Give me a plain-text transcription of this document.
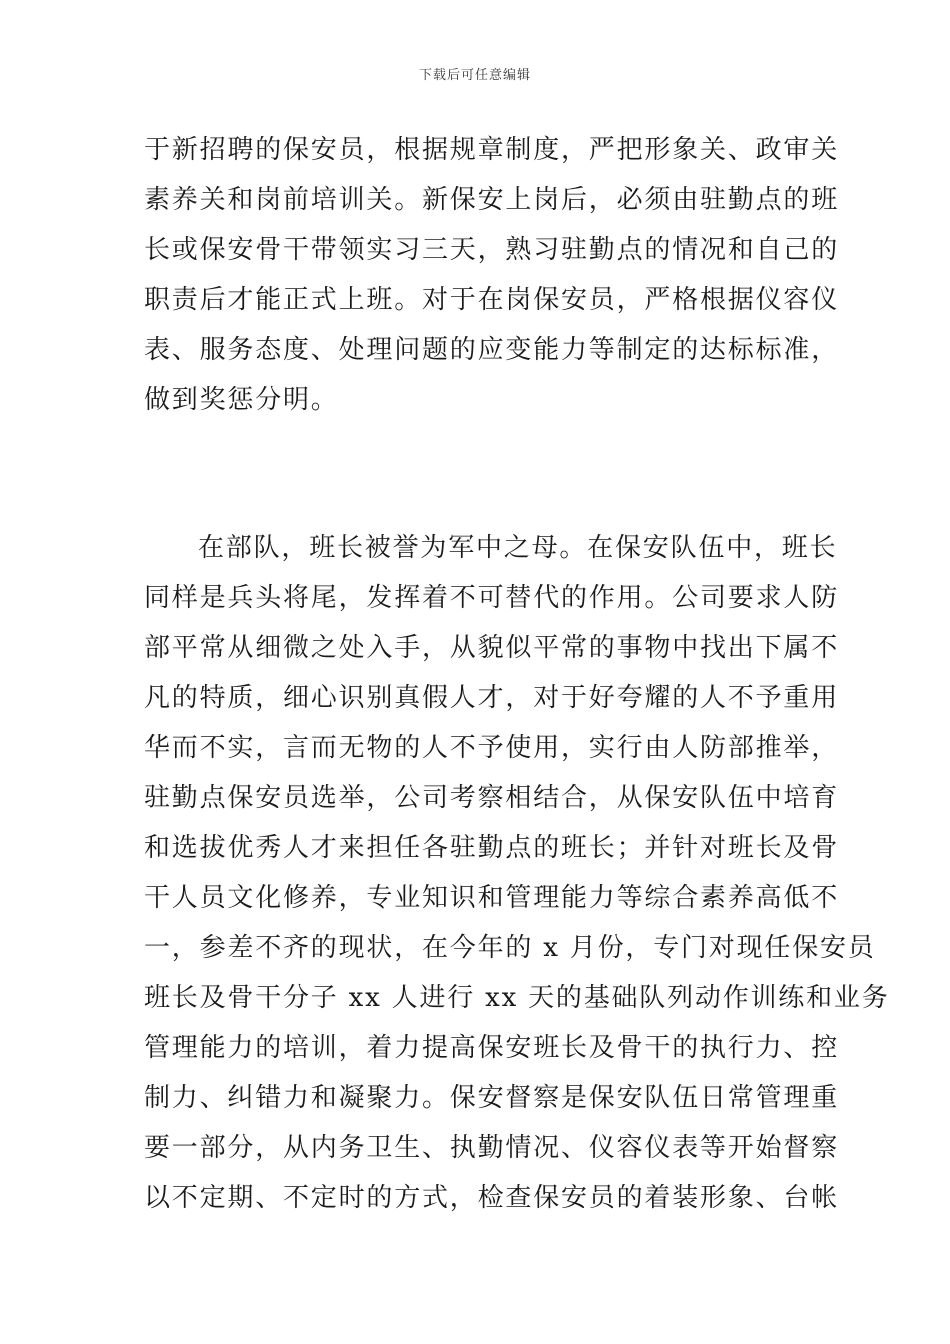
下载后可任意编辑
于新招聘的保安员，根据规章制度，严把形象关、政审关
素养关和岗前培训关。新保安上岗后，必须由驻勤点的班
长或保安骨干带领实习三天，熟习驻勤点的情况和自己的
职责后才能正式上班。对于在岗保安员，严格根据仪容仪
表、服务态度、处理问题的应变能力等制定的达标标准，
做到奖惩分明。
在部队，班长被誉为军中之母。在保安队伍中，班长
同样是兵头将尾，发挥着不可替代的作用。公司要求人防
部平常从细微之处入手，从貌似平常的事物中找出下属不
凡的特质，细心识别真假人才，对于好夸耀的人不予重用
华而不实，言而无物的人不予使用，实行由人防部推举，
驻勤点保安员选举，公司考察相结合，从保安队伍中培育
和选拔优秀人才来担任各驻勤点的班长；并针对班长及骨
干人员文化修养，专业知识和管理能力等综合素养高低不
一，参差不齐的现状，在今年的 x 月份，专门对现任保安员
班长及骨干分子 xx 人进行 xx 天的基础队列动作训练和业务
管理能力的培训，着力提高保安班长及骨干的执行力、控
制力、纠错力和凝聚力。保安督察是保安队伍日常管理重
要一部分，从内务卫生、执勤情况、仪容仪表等开始督察
以不定期、不定时的方式，检查保安员的着装形象、台帐
